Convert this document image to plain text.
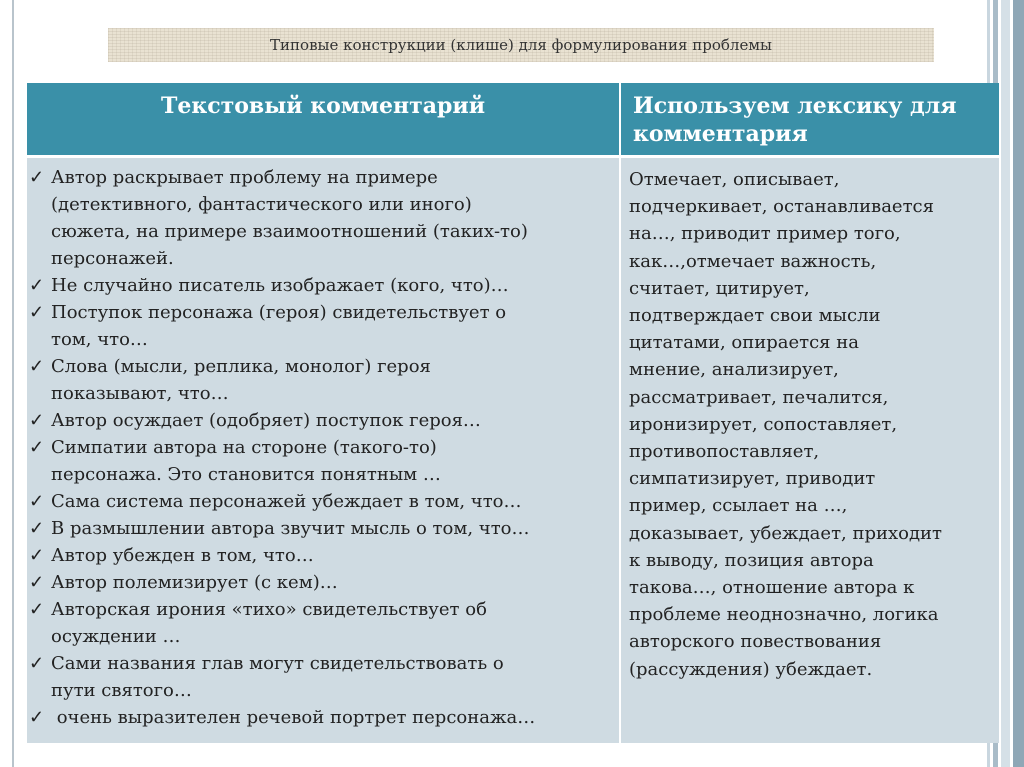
Типовые конструкции (клише) для формулирования проблемы
Текстовый комментарий	Используем лексику для
комментария
✓ Автор раскрывает проблему на примере
(детективного, фантастического или иного)
сюжета, на примере взаимоотношений (таких-то)
персонажей.
✓ Не случайно писатель изображает (кого, что)…
✓ Поступок персонажа (героя) свидетельствует о
том, что…
✓ Слова (мысли, реплика, монолог) героя
показывают, что…
✓ Автор осуждает (одобряет) поступок героя…
✓ Симпатии автора на стороне (такого-то)
персонажа. Это становится понятным …
✓ Сама система персонажей убеждает в том, что…
✓ В размышлении автора звучит мысль о том, что…
✓ Автор убежден в том, что…
✓ Автор полемизирует (с кем)…
✓ Авторская ирония «тихо» свидетельствует об
осуждении …
✓ Сами названия глав могут свидетельствовать о
пути святого…
✓ очень выразителен речевой портрет персонажа…
Отмечает, описывает,
подчеркивает, останавливается
на…, приводит пример того,
как…,отмечает важность,
считает, цитирует,
подтверждает свои мысли
цитатами, опирается на
мнение, анализирует,
рассматривает, печалится,
иронизирует, сопоставляет,
противопоставляет,
симпатизирует, приводит
пример, ссылает на …,
доказывает, убеждает, приходит
к выводу, позиция автора
такова…, отношение автора к
проблеме неоднозначно, логика
авторского повествования
(рассуждения) убеждает.
